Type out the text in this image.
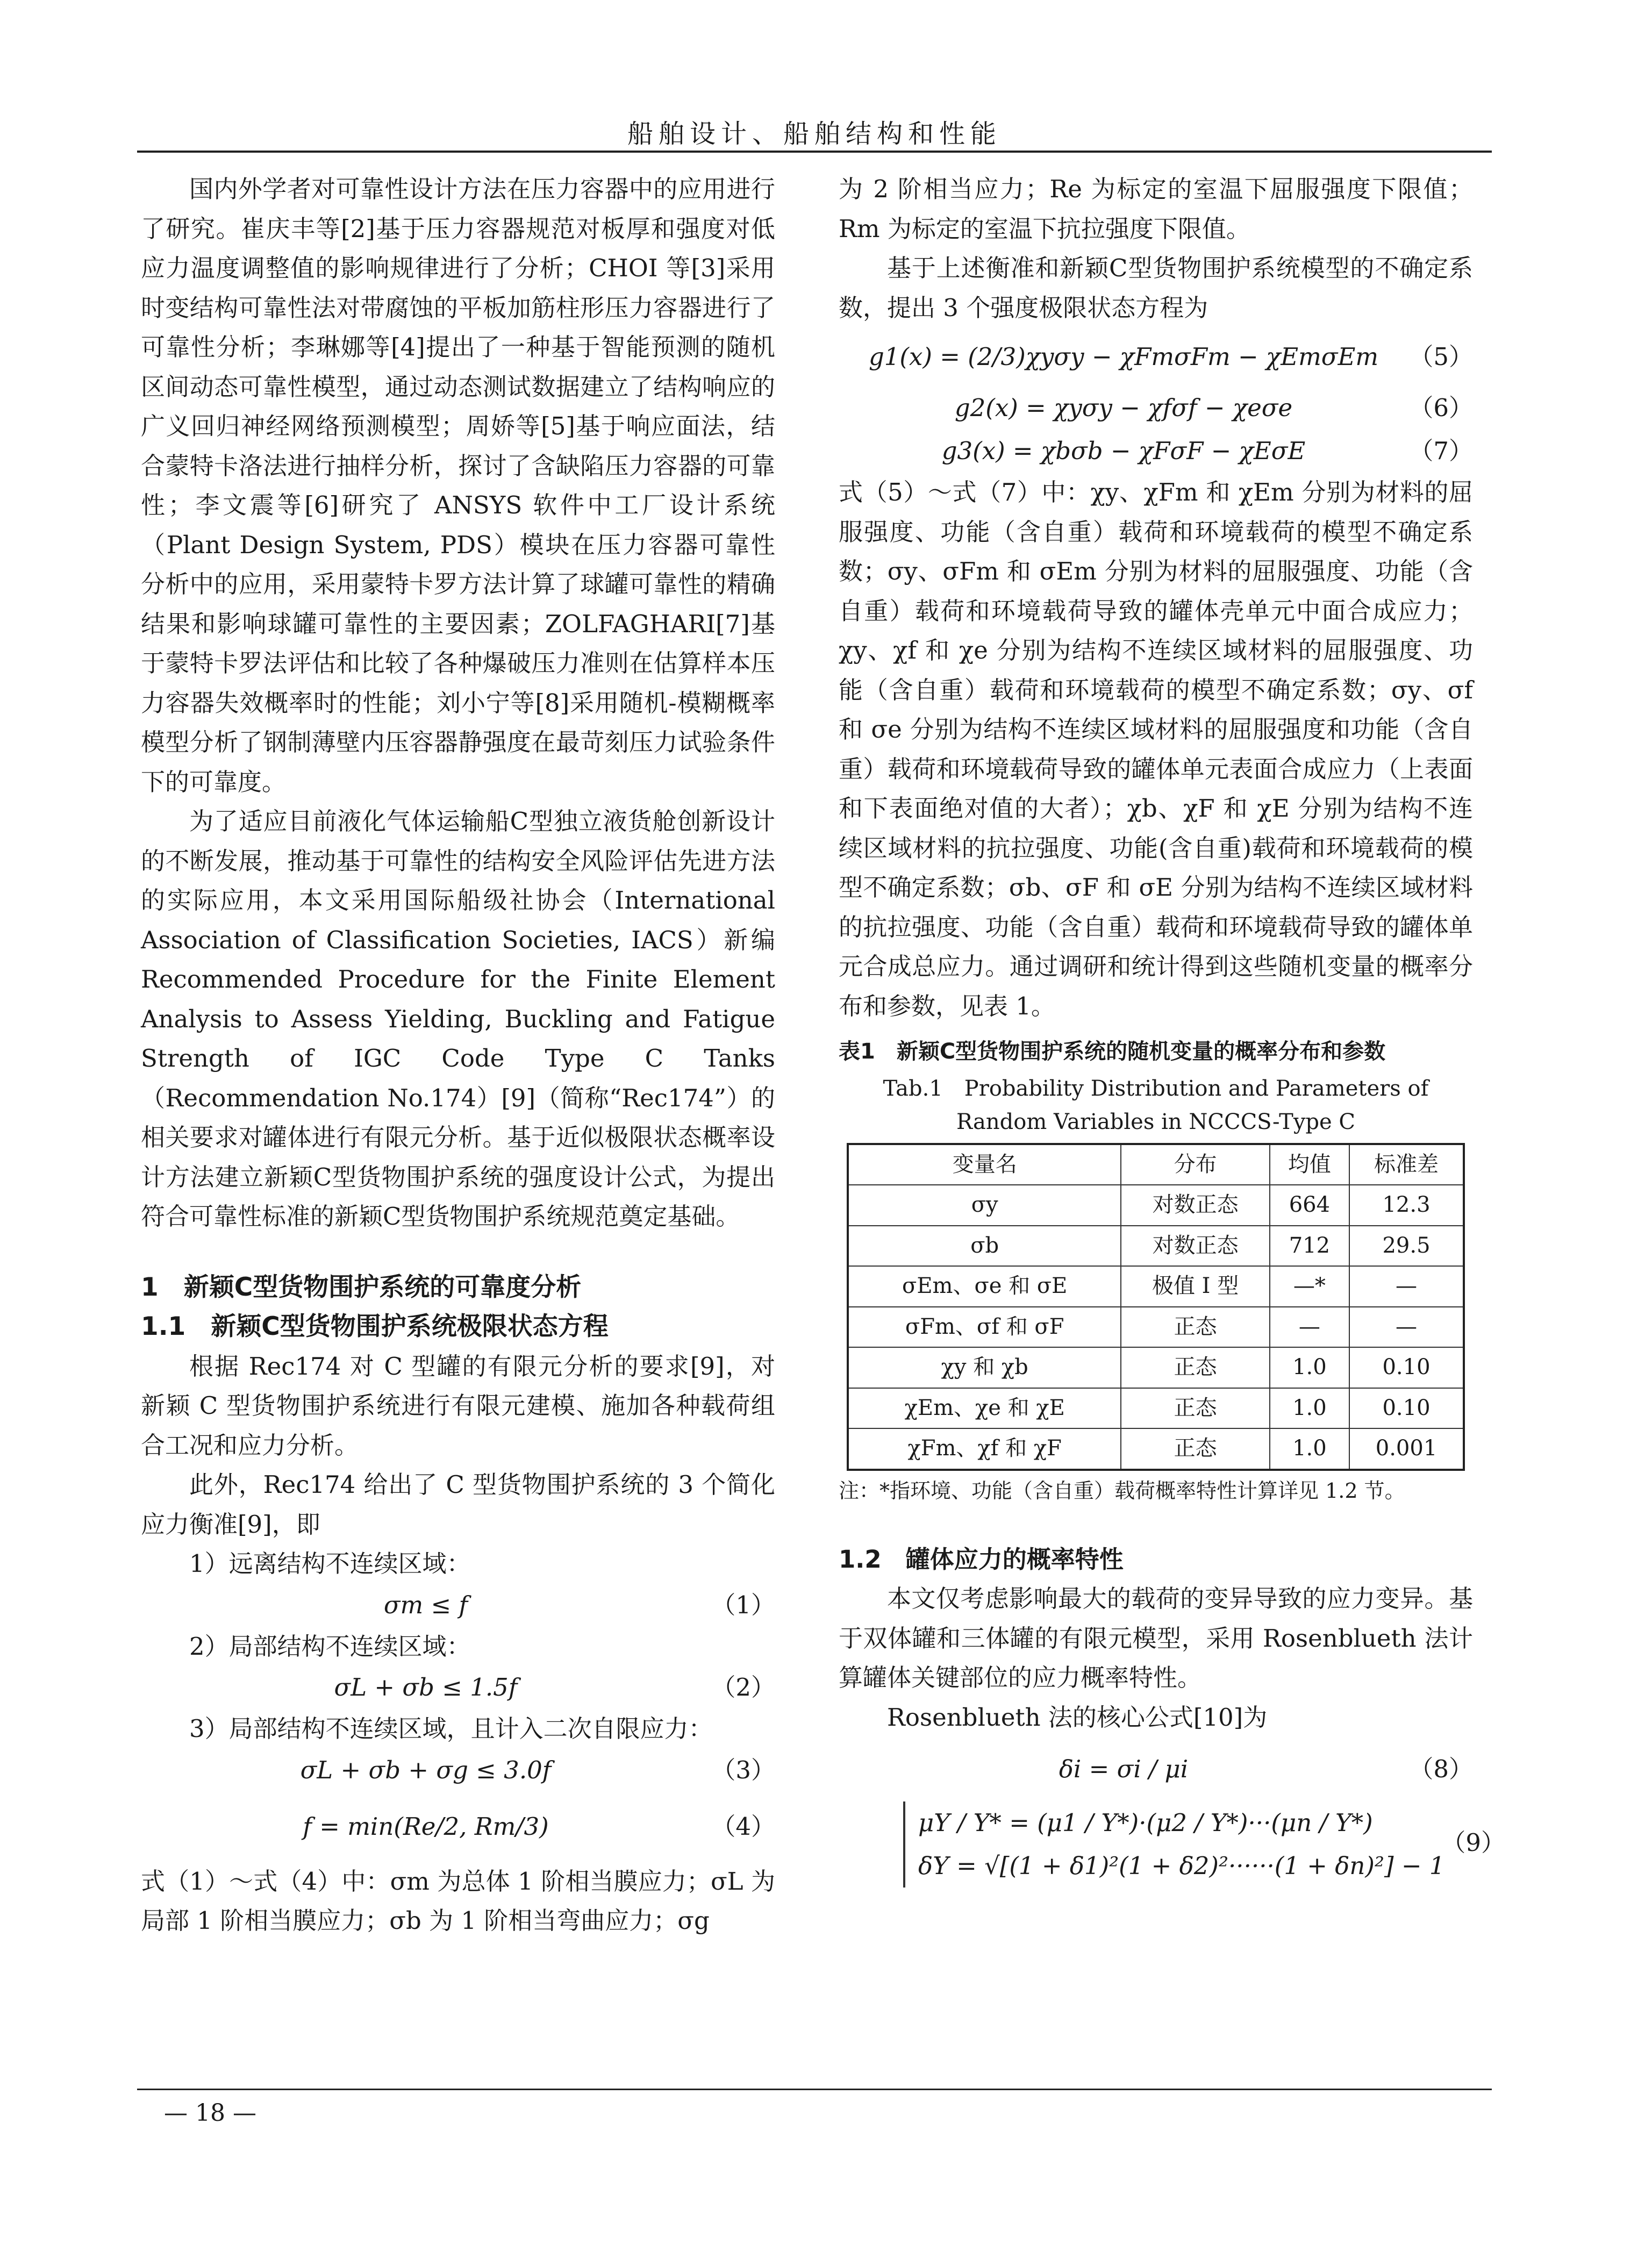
船舶设计、船舶结构和性能

国内外学者对可靠性设计方法在压力容器中的应用进行了研究。崔庆丰等[2]基于压力容器规范对板厚和强度对低应力温度调整值的影响规律进行了分析；CHOI 等[3]采用时变结构可靠性法对带腐蚀的平板加筋柱形压力容器进行了可靠性分析；李琳娜等[4]提出了一种基于智能预测的随机区间动态可靠性模型，通过动态测试数据建立了结构响应的广义回归神经网络预测模型；周娇等[5]基于响应面法，结合蒙特卡洛法进行抽样分析，探讨了含缺陷压力容器的可靠性；李文震等[6]研究了 ANSYS 软件中工厂设计系统（Plant Design System, PDS）模块在压力容器可靠性分析中的应用，采用蒙特卡罗方法计算了球罐可靠性的精确结果和影响球罐可靠性的主要因素；ZOLFAGHARI[7]基于蒙特卡罗法评估和比较了各种爆破压力准则在估算样本压力容器失效概率时的性能；刘小宁等[8]采用随机-模糊概率模型分析了钢制薄壁内压容器静强度在最苛刻压力试验条件下的可靠度。

为了适应目前液化气体运输船C型独立液货舱创新设计的不断发展，推动基于可靠性的结构安全风险评估先进方法的实际应用，本文采用国际船级社协会（International Association of Classification Societies, IACS）新编 Recommended Procedure for the Finite Element Analysis to Assess Yielding, Buckling and Fatigue Strength of IGC Code Type C Tanks（Recommendation No.174）[9]（简称“Rec174”）的相关要求对罐体进行有限元分析。基于近似极限状态概率设计方法建立新颖C型货物围护系统的强度设计公式，为提出符合可靠性标准的新颖C型货物围护系统规范奠定基础。

1　新颖C型货物围护系统的可靠度分析

1.1　新颖C型货物围护系统极限状态方程

根据 Rec174 对 C 型罐的有限元分析的要求[9]，对新颖 C 型货物围护系统进行有限元建模、施加各种载荷组合工况和应力分析。

此外，Rec174 给出了 C 型货物围护系统的 3 个简化应力衡准[9]，即

1）远离结构不连续区域：

σm ≤ f	（1）

2）局部结构不连续区域：

σL + σb ≤ 1.5f	（2）

3）局部结构不连续区域，且计入二次自限应力：

σL + σb + σg ≤ 3.0f	（3）
f = min(Re/2, Rm/3)	（4）

式（1）～式（4）中：σm 为总体 1 阶相当膜应力；σL 为局部 1 阶相当膜应力；σb 为 1 阶相当弯曲应力；σg

为 2 阶相当应力；Re 为标定的室温下屈服强度下限值；Rm 为标定的室温下抗拉强度下限值。

基于上述衡准和新颖C型货物围护系统模型的不确定系数，提出 3 个强度极限状态方程为

g1(x) = (2/3)χyσy − χFmσFm − χEmσEm	（5）
g2(x) = χyσy − χfσf − χeσe	（6）
g3(x) = χbσb − χFσF − χEσE	（7）

式（5）～式（7）中：χy、χFm 和 χEm 分别为材料的屈服强度、功能（含自重）载荷和环境载荷的模型不确定系数；σy、σFm 和 σEm 分别为材料的屈服强度、功能（含自重）载荷和环境载荷导致的罐体壳单元中面合成应力；χy、χf 和 χe 分别为结构不连续区域材料的屈服强度、功能（含自重）载荷和环境载荷的模型不确定系数；σy、σf 和 σe 分别为结构不连续区域材料的屈服强度和功能（含自重）载荷和环境载荷导致的罐体单元表面合成应力（上表面和下表面绝对值的大者）；χb、χF 和 χE 分别为结构不连续区域材料的抗拉强度、功能(含自重)载荷和环境载荷的模型不确定系数；σb、σF 和 σE 分别为结构不连续区域材料的抗拉强度、功能（含自重）载荷和环境载荷导致的罐体单元合成总应力。通过调研和统计得到这些随机变量的概率分布和参数，见表 1。

表1　新颖C型货物围护系统的随机变量的概率分布和参数

Tab.1　Probability Distribution and Parameters of

Random Variables in NCCCS-Type C

变量名	分布	均值	标准差
σy	对数正态	664	12.3
σb	对数正态	712	29.5
σEm、σe 和 σE	极值 I 型	—*	—
σFm、σf 和 σF	正态	—	—
χy 和 χb	正态	1.0	0.10
χEm、χe 和 χE	正态	1.0	0.10
χFm、χf 和 χF	正态	1.0	0.001

注：*指环境、功能（含自重）载荷概率特性计算详见 1.2 节。

1.2　罐体应力的概率特性

本文仅考虑影响最大的载荷的变异导致的应力变异。基于双体罐和三体罐的有限元模型，采用 Rosenblueth 法计算罐体关键部位的应力概率特性。

Rosenblueth 法的核心公式[10]为

δi = σi / μi	（8）
μY / Y* = (μ1 / Y*)·(μ2 / Y*)···(μn / Y*)
δY = √[(1 + δ1)²(1 + δ2)²······(1 + δn)²] − 1
（9）
— 18 —
